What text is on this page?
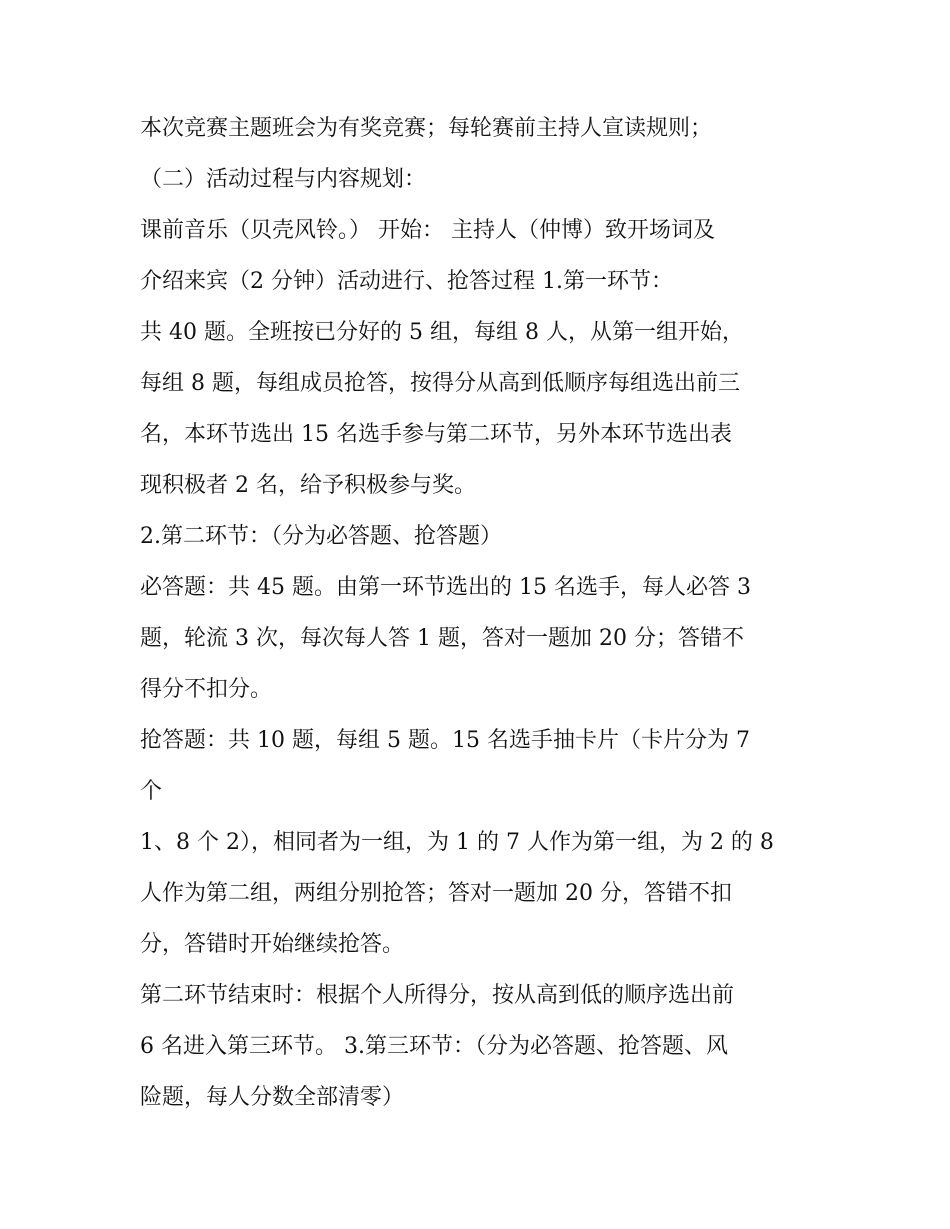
本次竞赛主题班会为有奖竞赛；每轮赛前主持人宣读规则；
（二）活动过程与内容规划：
课前音乐（贝壳风铃。） 开始： 主持人（仲博）致开场词及
介绍来宾（2 分钟）活动进行、抢答过程 1.第一环节：
共 40 题。全班按已分好的 5 组，每组 8 人，从第一组开始，
每组 8 题，每组成员抢答，按得分从高到低顺序每组选出前三
名，本环节选出 15 名选手参与第二环节，另外本环节选出表
现积极者 2 名，给予积极参与奖。
2.第二环节：（分为必答题、抢答题）
必答题：共 45 题。由第一环节选出的 15 名选手，每人必答 3
题，轮流 3 次，每次每人答 1 题，答对一题加 20 分；答错不
得分不扣分。
抢答题：共 10 题，每组 5 题。15 名选手抽卡片（卡片分为 7
个
1、8 个 2），相同者为一组，为 1 的 7 人作为第一组，为 2 的 8
人作为第二组，两组分别抢答；答对一题加 20 分，答错不扣
分，答错时开始继续抢答。
第二环节结束时：根据个人所得分，按从高到低的顺序选出前
6 名进入第三环节。 3.第三环节：（分为必答题、抢答题、风
险题，每人分数全部清零）
